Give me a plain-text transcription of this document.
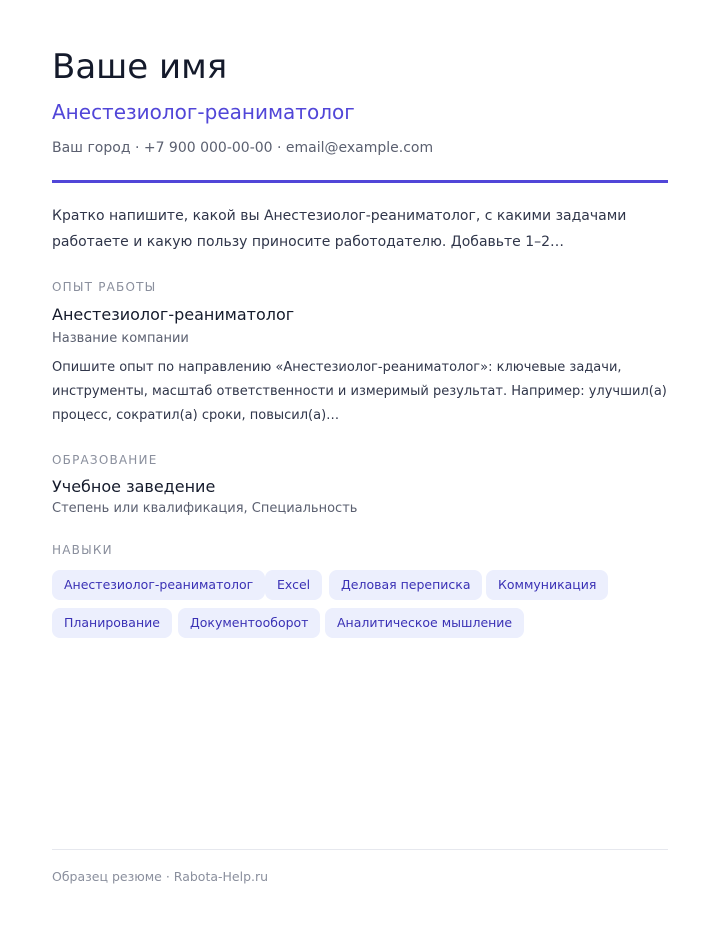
Ваше имя
Анестезиолог-реаниматолог
Ваш город · +7 900 000-00-00 · email@example.com
Кратко напишите, какой вы Анестезиолог-реаниматолог, с какими задачами работаете и какую пользу приносите работодателю. Добавьте 1–2…
ОПЫТ РАБОТЫ
Анестезиолог-реаниматолог
Название компании
Опишите опыт по направлению «Анестезиолог-реаниматолог»: ключевые задачи, инструменты, масштаб ответственности и измеримый результат. Например: улучшил(а) процесс, сократил(а) сроки, повысил(а)…
ОБРАЗОВАНИЕ
Учебное заведение
Степень или квалификация, Специальность
НАВЫКИ
Анестезиолог-реаниматолог	Excel	Деловая переписка	Коммуникация
Планирование	Документооборот	Аналитическое мышление
Образец резюме · Rabota-Help.ru
